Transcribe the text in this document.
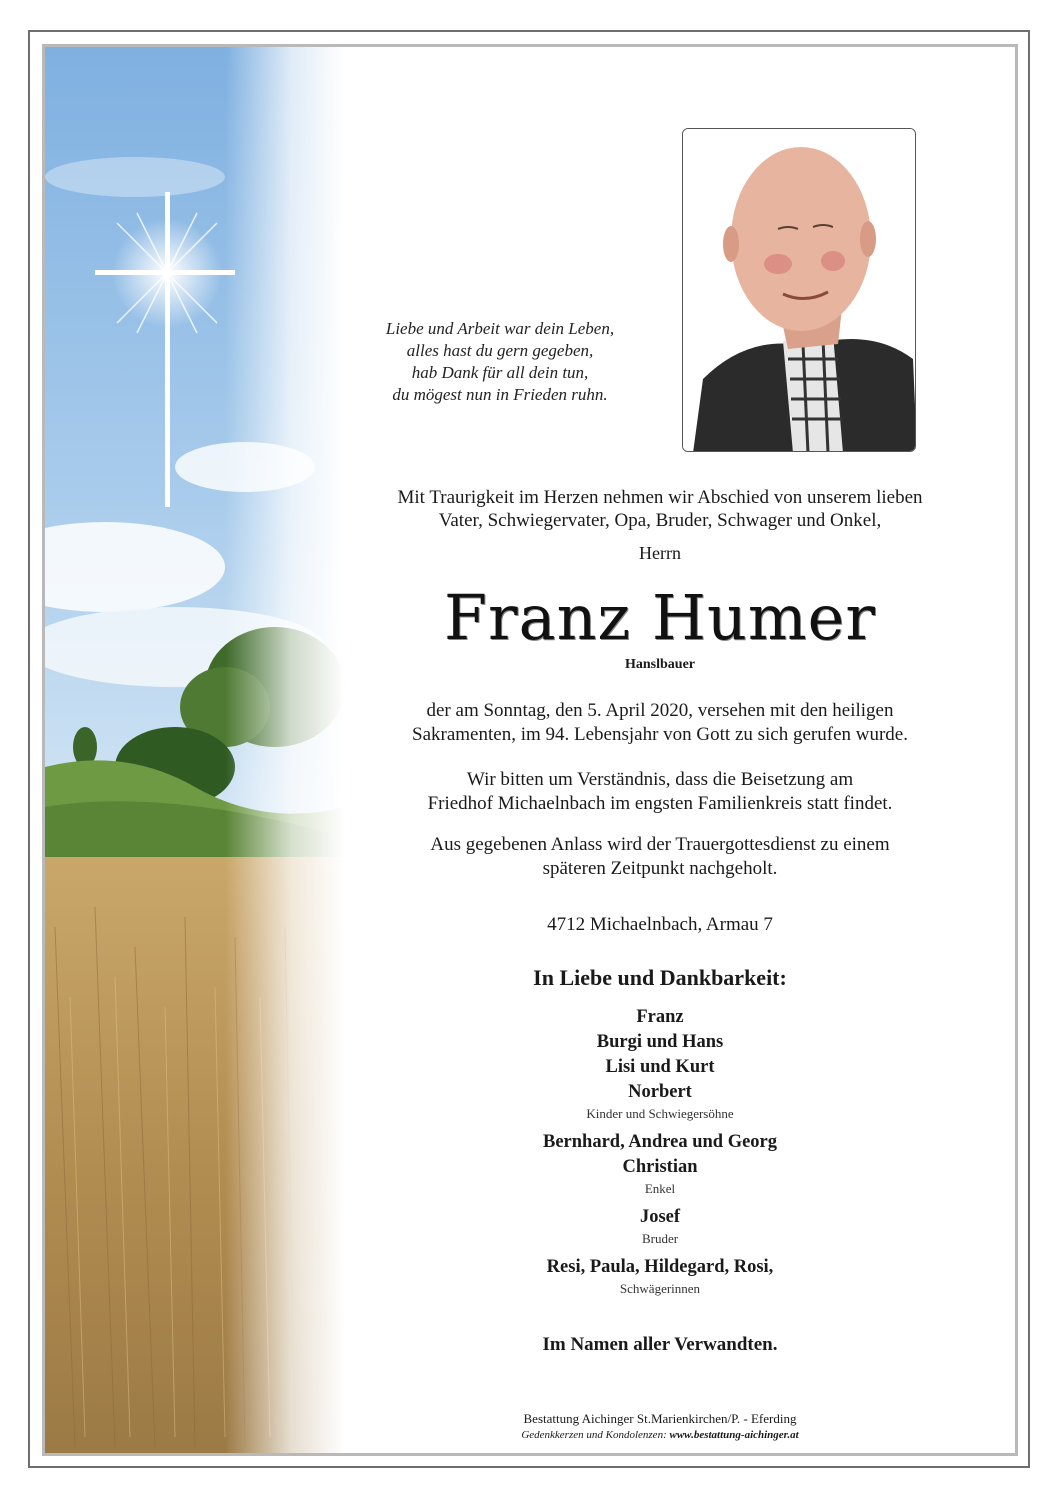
Liebe und Arbeit war dein Leben,
alles hast du gern gegeben,
hab Dank für all dein tun,
du mögest nun in Frieden ruhn.
Mit Traurigkeit im Herzen nehmen wir Abschied von unserem lieben
Vater, Schwiegervater, Opa, Bruder, Schwager und Onkel,
Herrn
Franz Humer
Hanslbauer
der am Sonntag, den 5. April 2020, versehen mit den heiligen
Sakramenten, im 94. Lebensjahr von Gott zu sich gerufen wurde.
Wir bitten um Verständnis, dass die Beisetzung am
Friedhof Michaelnbach im engsten Familienkreis statt findet.
Aus gegebenen Anlass wird der Trauergottesdienst zu einem
späteren Zeitpunkt nachgeholt.
4712 Michaelnbach, Armau 7
In Liebe und Dankbarkeit:
Franz
Burgi und Hans
Lisi und Kurt
Norbert
Kinder und Schwiegersöhne
Bernhard, Andrea und Georg
Christian
Enkel
Josef
Bruder
Resi, Paula, Hildegard, Rosi,
Schwägerinnen
Im Namen aller Verwandten.
Bestattung Aichinger St.Marienkirchen/P. - Eferding
Gedenkkerzen und Kondolenzen: www.bestattung-aichinger.at
